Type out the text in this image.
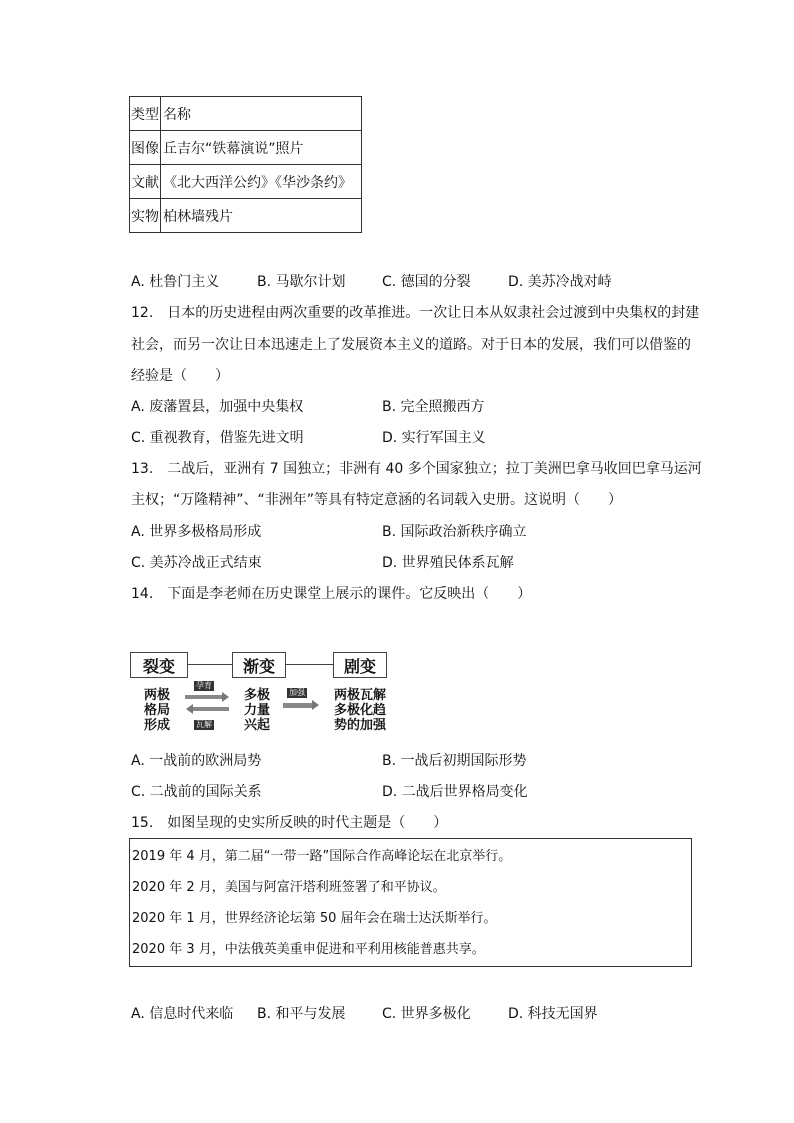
类型	名称
图像	丘吉尔“铁幕演说”照片
文献	《北大西洋公约》《华沙条约》
实物	柏林墙残片
A. 杜鲁门主义	B. 马歇尔计划	C. 德国的分裂	D. 美苏冷战对峙
12.　日本的历史进程由两次重要的改革推进。一次让日本从奴隶社会过渡到中央集权的封建
社会，而另一次让日本迅速走上了发展资本主义的道路。对于日本的发展，我们可以借鉴的
经验是（　　）
A. 废藩置县，加强中央集权	B. 完全照搬西方
C. 重视教育，借鉴先进文明	D. 实行军国主义
13.　二战后，亚洲有 7 国独立；非洲有 40 多个国家独立；拉丁美洲巴拿马收回巴拿马运河
主权；“万隆精神”、“非洲年”等具有特定意涵的名词载入史册。这说明（　　）
A. 世界多极格局形成	B. 国际政治新秩序确立
C. 美苏冷战正式结束	D. 世界殖民体系瓦解
14.　下面是李老师在历史课堂上展示的课件。它反映出（　　）
裂变	渐变	剧变
两极
格局
形成
孕育
瓦解
多极
力量
兴起
加强	两极瓦解
多极化趋
势的加强
A. 一战前的欧洲局势	B. 一战后初期国际形势
C. 二战前的国际关系	D. 二战后世界格局变化
15.　如图呈现的史实所反映的时代主题是（　　）
2019 年 4 月，第二届“一带一路”国际合作高峰论坛在北京举行。
2020 年 2 月，美国与阿富汗塔利班签署了和平协议。
2020 年 1 月，世界经济论坛第 50 届年会在瑞士达沃斯举行。
2020 年 3 月，中法俄英美重申促进和平利用核能普惠共享。
A. 信息时代来临 B. 和平与发展	C. 世界多极化	D. 科技无国界
